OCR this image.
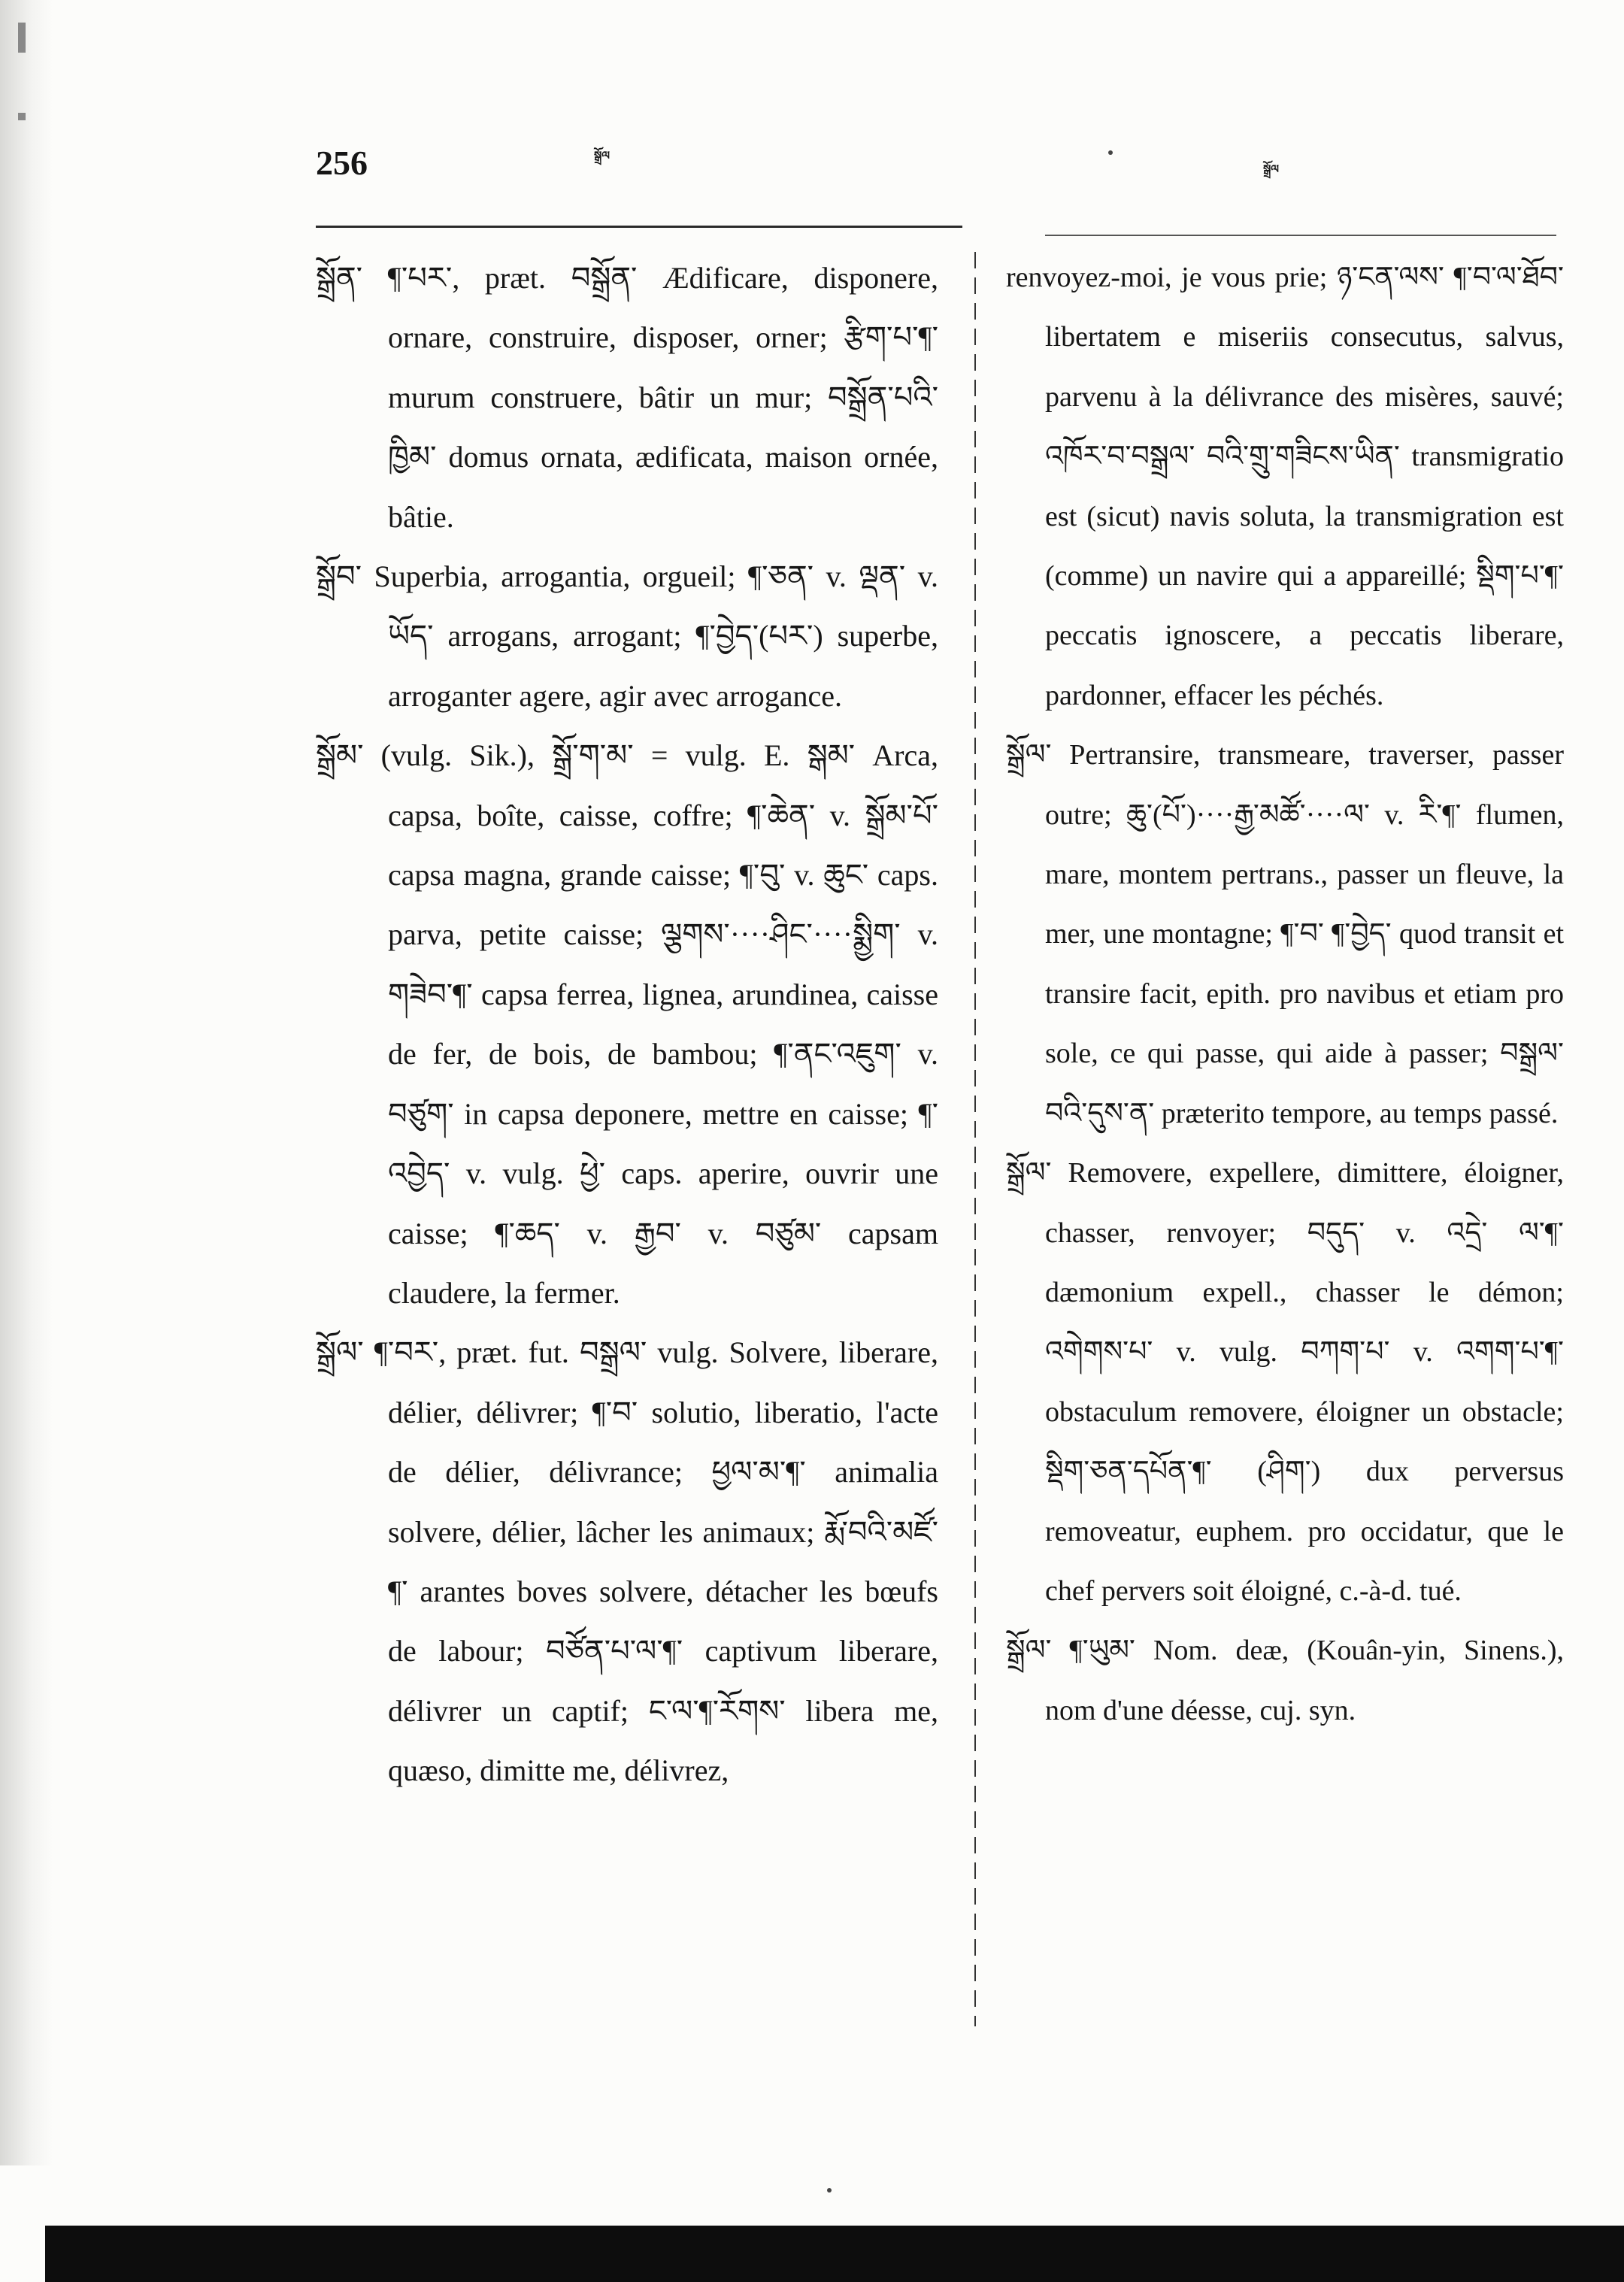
256	སྒྲོལ
སྒྲོལ

སྒྲོན་ ¶་པར་, præt. བསྒྲོན་ Ædificare, disponere, ornare, construire, disposer, orner; རྩིག་པ་¶་ murum construere, bâtir un mur; བསྒྲོན་པའི་ཁྱིམ་ domus ornata, ædificata, maison ornée, bâtie.

སྒྲོབ་ Superbia, arrogantia, orgueil; ¶་ཅན་ v. ལྡན་ v. ཡོད་ arrogans, arrogant; ¶་བྱེད་(པར་) superbe, arroganter agere, agir avec arrogance.

སྒྲོམ་ (vulg. Sik.), སྒྲོ་ག་མ་ = vulg. E. སྒམ་ Arca, capsa, boîte, caisse, coffre; ¶་ཆེན་ v. སྒྲོམ་པོ་ capsa magna, grande caisse; ¶་བུ་ v. ཆུང་ caps. parva, petite caisse; ལྕགས་····ཤིང་····སྨྱིག་ v. གཟེབ་¶་ capsa ferrea, lignea, arundinea, caisse de fer, de bois, de bambou; ¶་ནང་འཇུག་ v. བཙུག་ in capsa deponere, mettre en caisse; ¶་འབྱེད་ v. vulg. ཕྱེ་ caps. aperire, ouvrir une caisse; ¶་ཆད་ v. རྒྱབ་ v. བཙུམ་ capsam claudere, la fermer.

སྒྲོལ་ ¶་བར་, præt. fut. བསྒྲལ་ vulg. Solvere, liberare, délier, délivrer; ¶་བ་ solutio, liberatio, l'acte de délier, délivrance; ཕྱལ་མ་¶་ animalia solvere, délier, lâcher les animaux; རྨོ་བའི་མཛོ་¶་ arantes boves solvere, détacher les bœufs de labour; བཙོན་པ་ལ་¶་ captivum liberare, délivrer un captif; ང་ལ་¶་རོགས་ libera me, quæso, dimitte me, délivrez,

renvoyez-moi, je vous prie; ཉ་ངན་ལས་ ¶་བ་ལ་ཐོབ་ libertatem e miseriis consecutus, salvus, parvenu à la délivrance des misères, sauvé; འཁོར་བ་བསྒྲལ་ བའི་གྲུ་གཟིངས་ཡིན་ transmigratio est (sicut) navis soluta, la transmigration est (comme) un navire qui a appareillé; སྡིག་པ་¶་ peccatis ignoscere, a peccatis liberare, pardonner, effacer les péchés.

སྒྲོལ་ Pertransire, transmeare, traverser, passer outre; ཆུ་(པོ་)····རྒྱ་མཚོ་····ལ་ v. རི་¶་ flumen, mare, montem pertrans., passer un fleuve, la mer, une montagne; ¶་བ་ ¶་བྱེད་ quod transit et transire facit, epith. pro navibus et etiam pro sole, ce qui passe, qui aide à passer; བསྒྲལ་བའི་དུས་ན་ præterito tempore, au temps passé.

སྒྲོལ་ Removere, expellere, dimittere, éloigner, chasser, renvoyer; བདུད་ v. འདྲེ་ ལ་¶་ dæmonium expell., chasser le démon; འགེགས་པ་ v. vulg. བཀག་པ་ v. འགག་པ་¶་ obstaculum removere, éloigner un obstacle; སྡིག་ཅན་དཔོན་¶་ (ཤིག་) dux perversus removeatur, euphem. pro occidatur, que le chef pervers soit éloigné, c.-à-d. tué.

སྒྲོལ་ ¶་ཡུམ་ Nom. deæ, (Kouân-yin, Sinens.), nom d'une déesse, cuj. syn.
